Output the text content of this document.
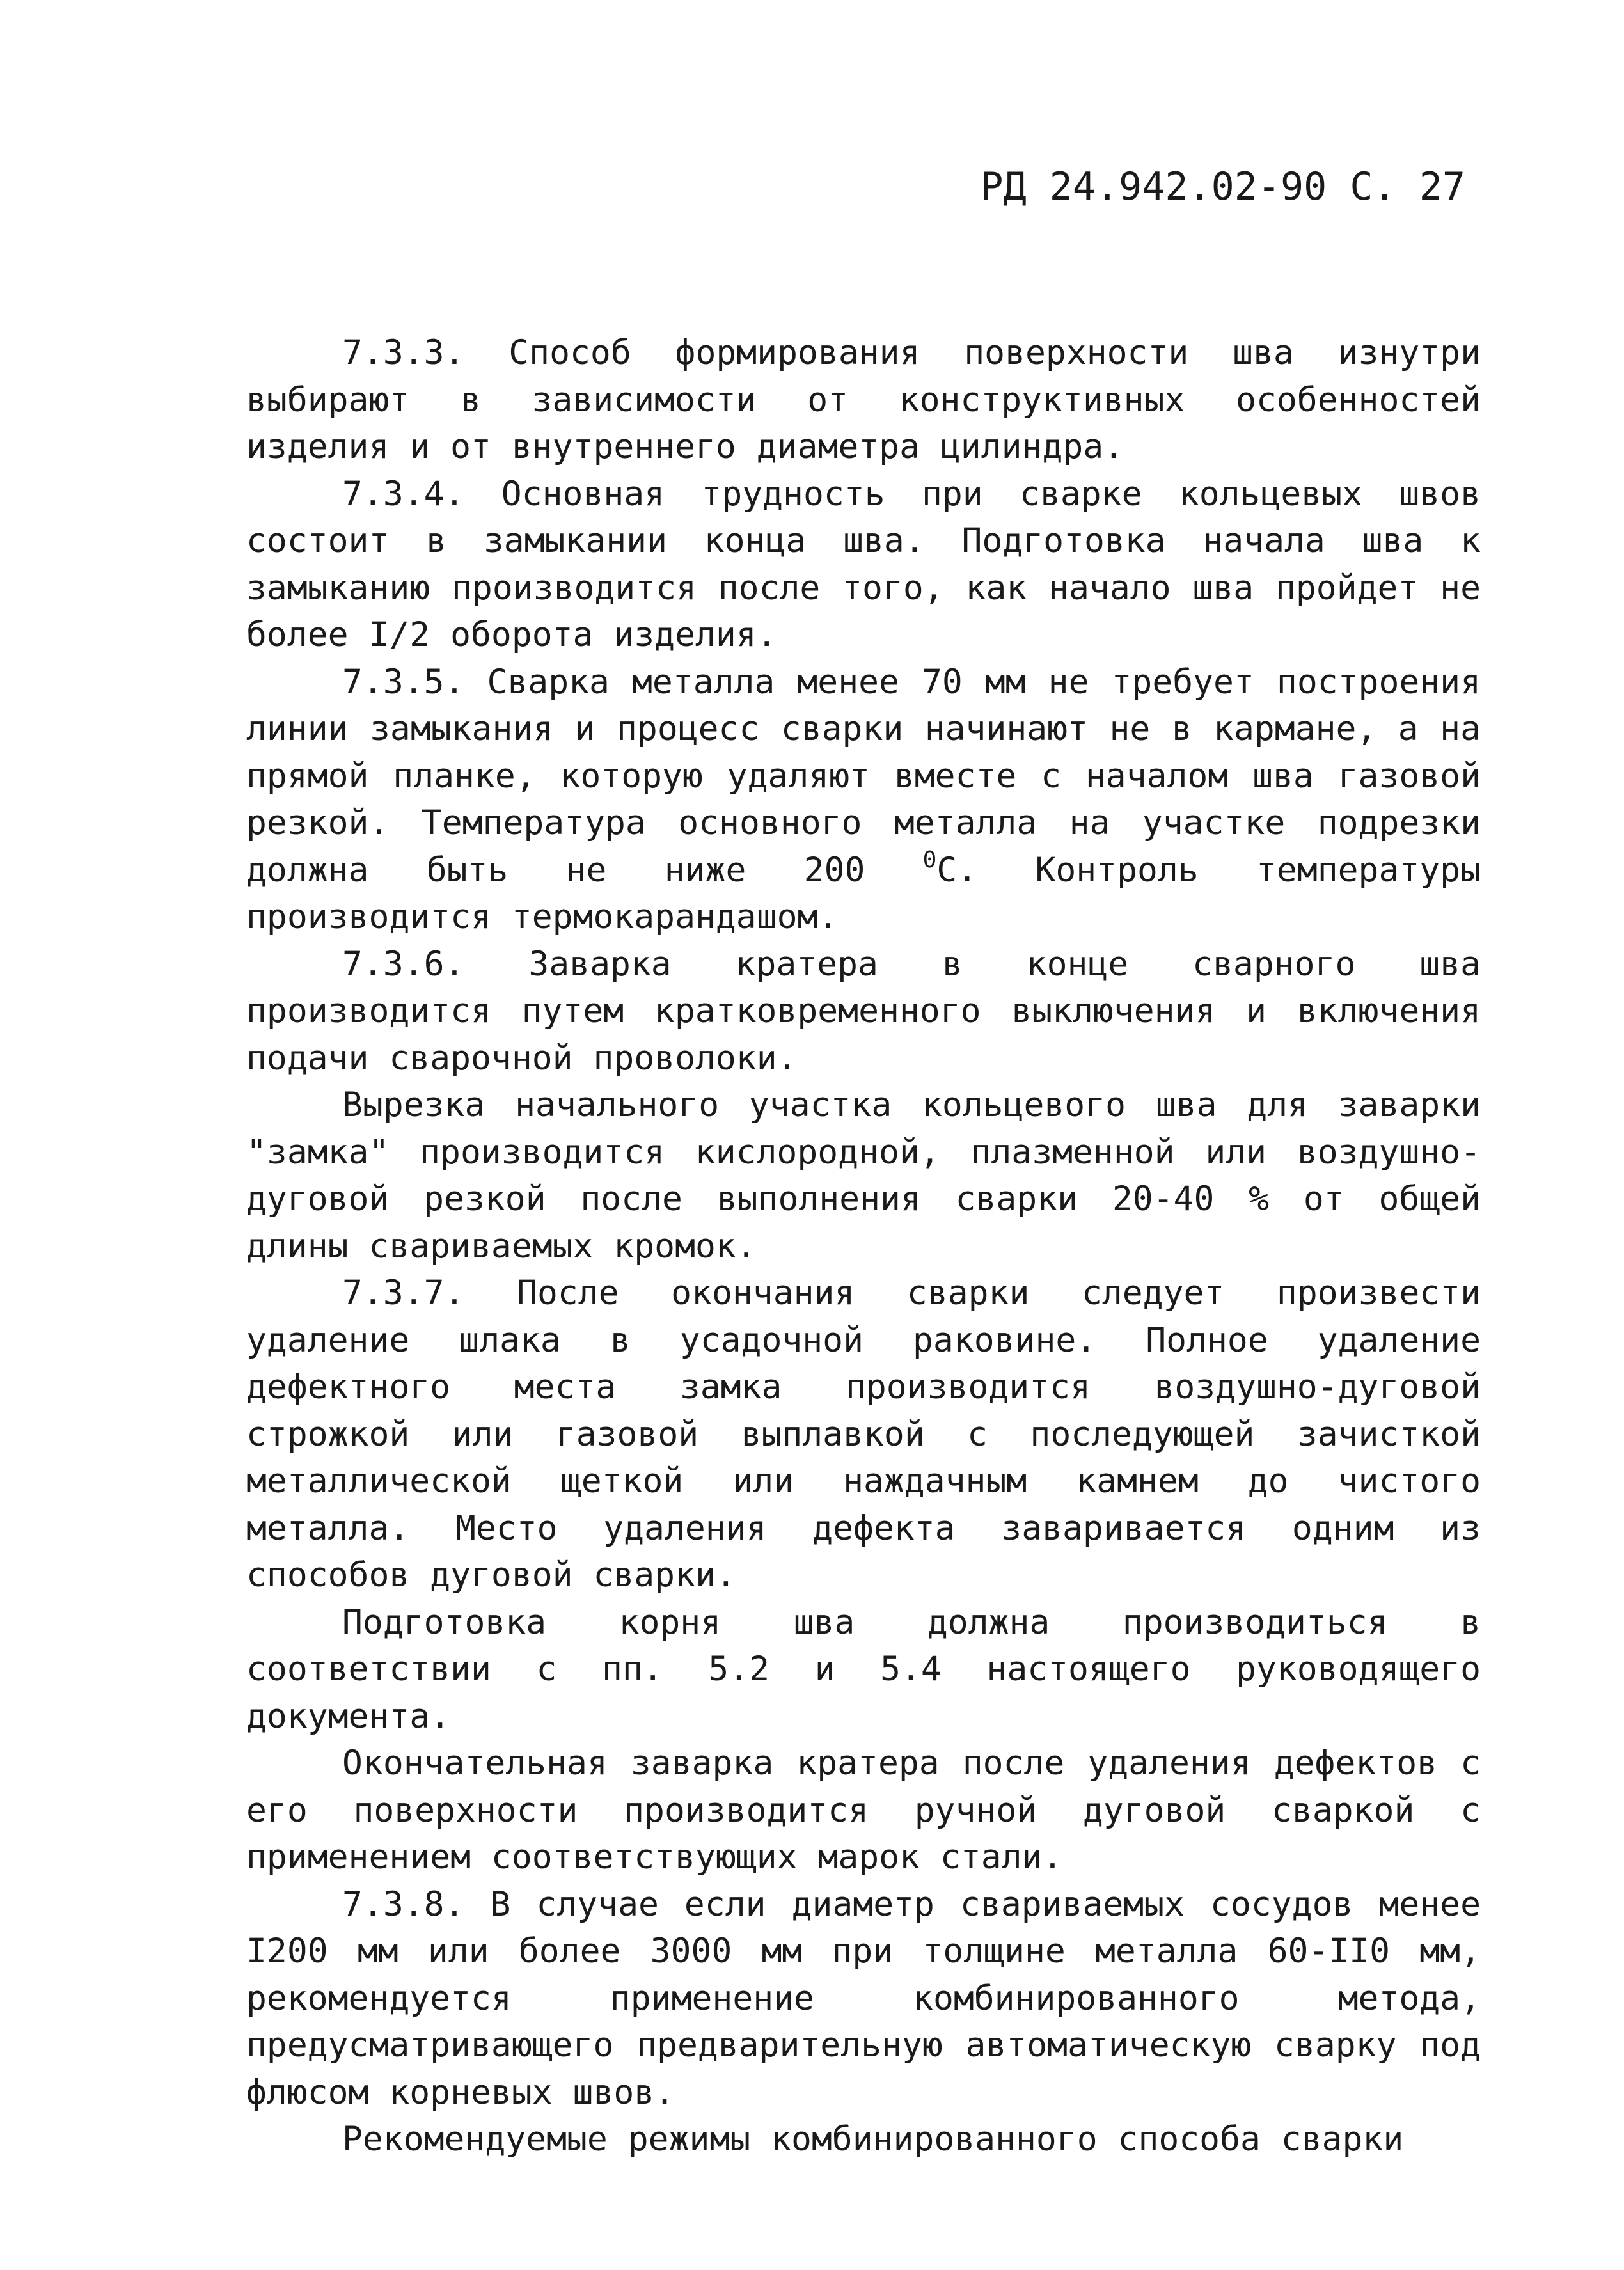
РД 24.942.02-90 С. 27

7.3.3. Способ формирования поверхности шва изнутри выбирают в зависимости от конструктивных особенностей изделия и от внутреннего диаметра цилиндра.

7.3.4. Основная трудность при сварке кольцевых швов состоит в замыкании конца шва. Подготовка начала шва к замыканию производится после того, как начало шва пройдет не более I/2 оборота изделия.

7.3.5. Сварка металла менее 70 мм не требует построения линии замыкания и процесс сварки начинают не в кармане, а на прямой планке, которую удаляют вместе с началом шва газовой резкой. Температура основного металла на участке подрезки должна быть не ниже 200 $^0$С. Контроль температуры производится термокарандашом.

7.3.6. Заварка кратера в конце сварного шва производится путем кратковременного выключения и включения подачи сварочной проволоки.

Вырезка начального участка кольцевого шва для заварки "замка" производится кислородной, плазменной или воздушно-дуговой резкой после выполнения сварки 20-40 % от общей длины свариваемых кромок.

7.3.7. После окончания сварки следует произвести удаление шлака в усадочной раковине. Полное удаление дефектного места замка производится воздушно-дуговой строжкой или газовой выплавкой с последующей зачисткой металлической щеткой или наждачным камнем до чистого металла. Место удаления дефекта заваривается одним из способов дуговой сварки.

Подготовка корня шва должна производиться в соответствии с пп. 5.2 и 5.4 настоящего руководящего документа.

Окончательная заварка кратера после удаления дефектов с его поверхности производится ручной дуговой сваркой с применением соответствующих марок стали.

7.3.8. В случае если диаметр свариваемых сосудов менее I200 мм или более 3000 мм при толщине металла 60-II0 мм, рекомендуется применение комбинированного метода, предусматривающего предварительную автоматическую сварку под флюсом корневых швов.

Рекомендуемые режимы комбинированного способа сварки
